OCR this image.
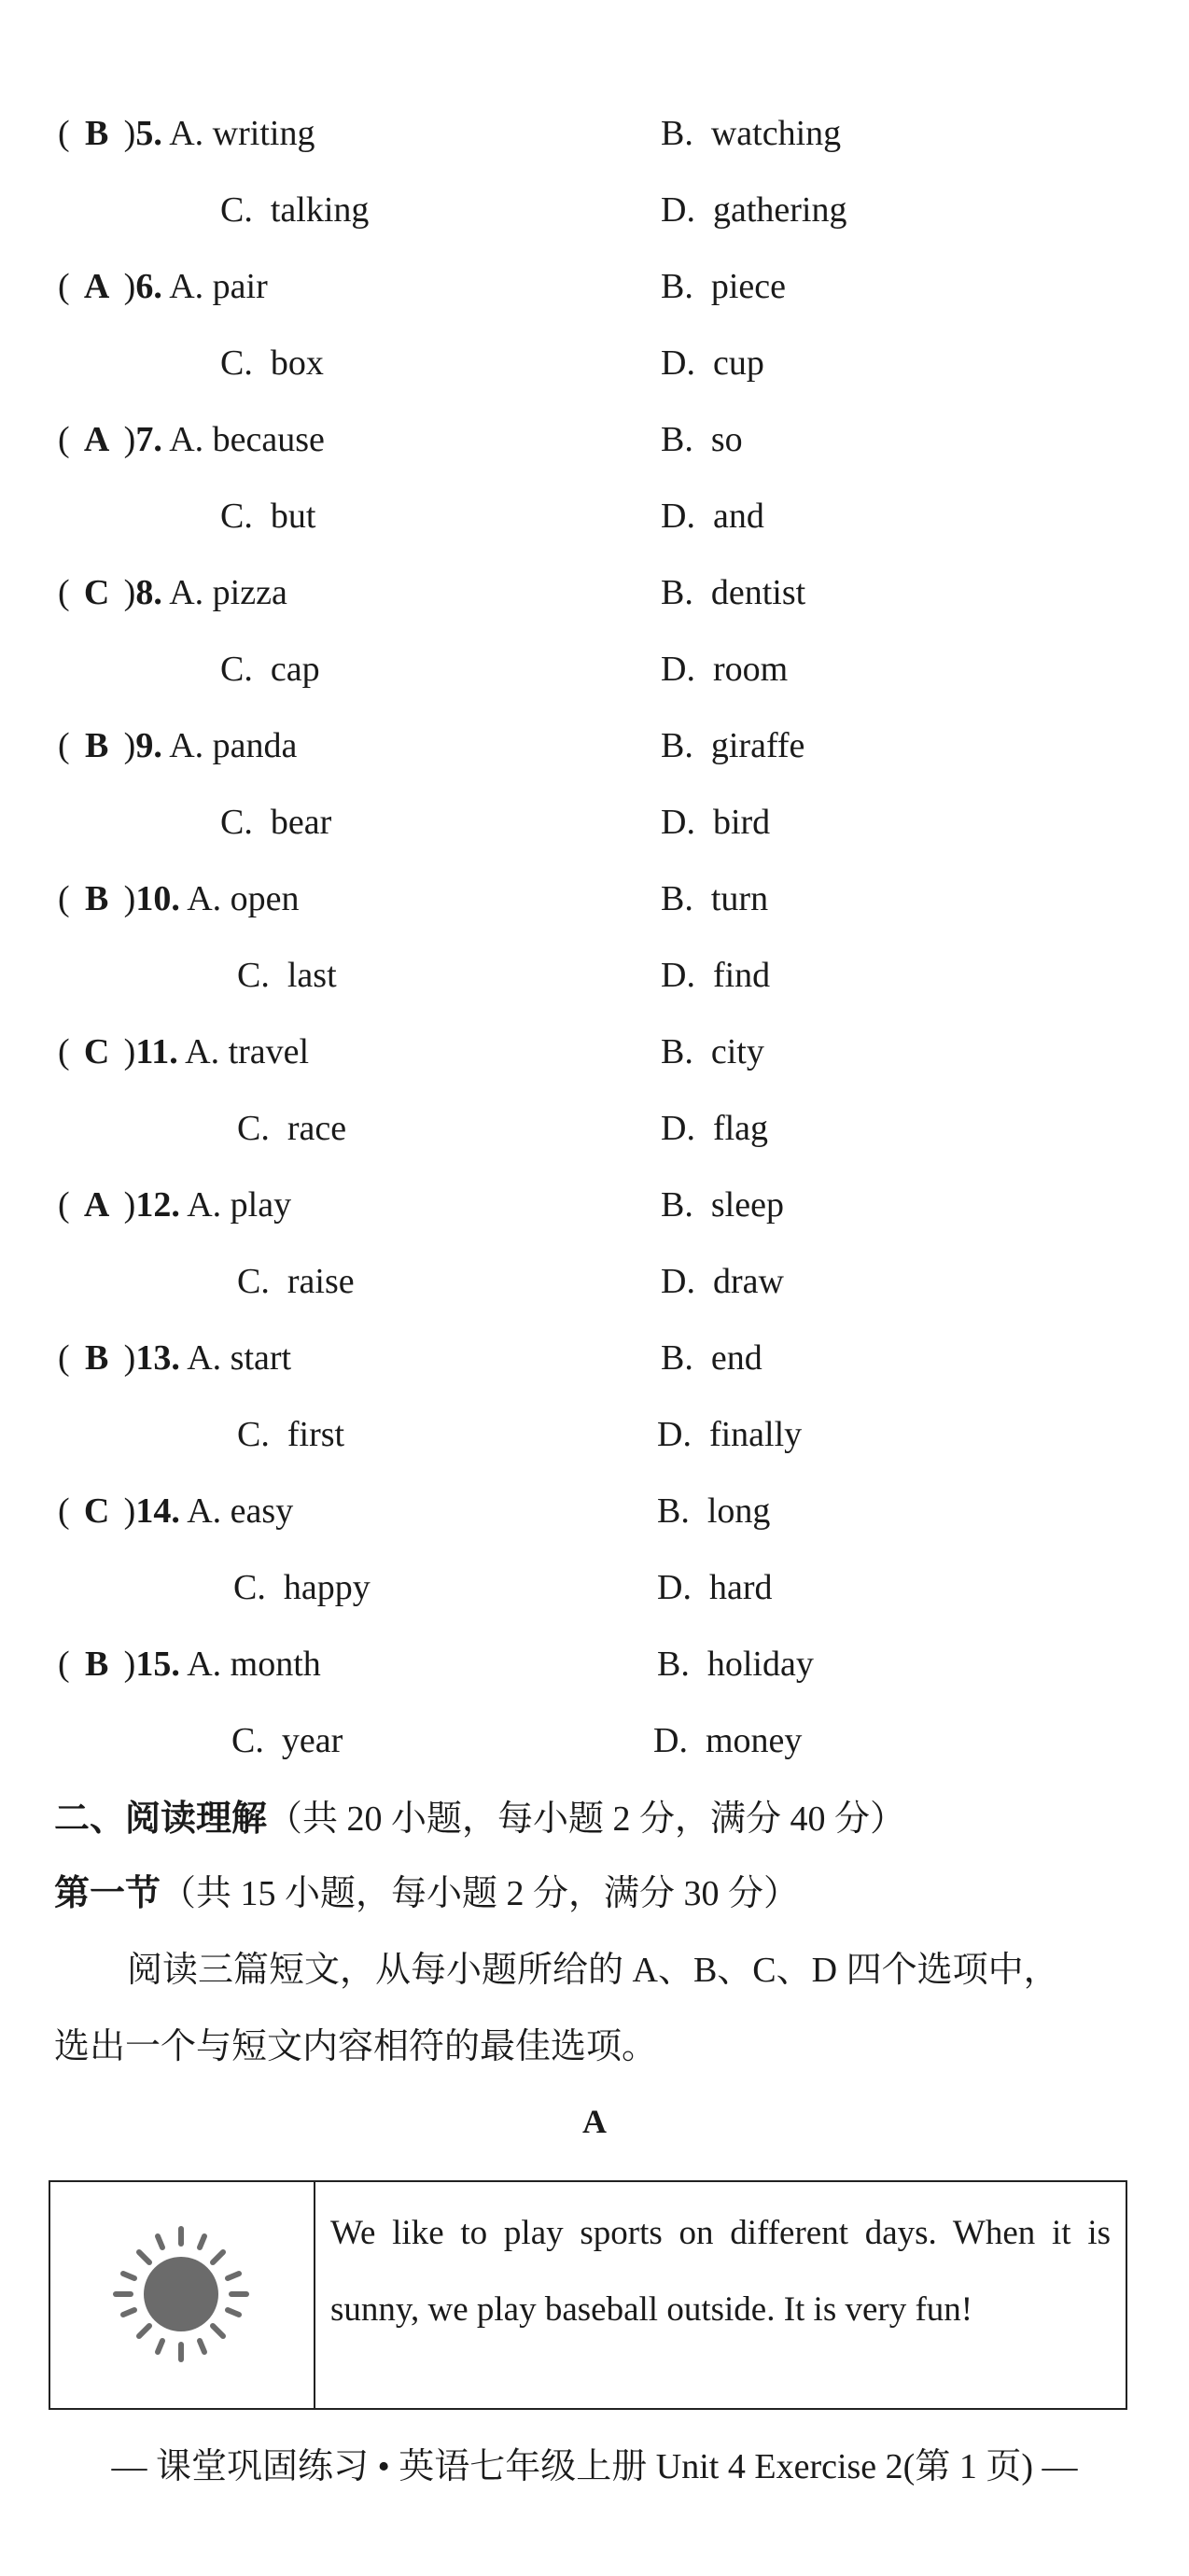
( B )5. A. writing	B.  watching
C.  talking	D.  gathering
( A )6. A. pair	B.  piece
C.  box	D.  cup
( A )7. A. because	B.  so
C.  but	D.  and
( C )8. A. pizza	B.  dentist
C.  cap	D.  room
( B )9. A. panda	B.  giraffe
C.  bear	D.  bird
( B )10. A. open	B.  turn
C.  last	D.  find
( C )11. A. travel	B.  city
C.  race	D.  flag
( A )12. A. play	B.  sleep
C.  raise	D.  draw
( B )13. A. start	B.  end
C.  first	D.  finally
( C )14. A. easy	B.  long
C.  happy	D.  hard
( B )15. A. month	B.  holiday
C.  year	D.  money
二、阅读理解（共 20 小题，每小题 2 分，满分 40 分）
第一节（共 15 小题，每小题 2 分，满分 30 分）
阅读三篇短文，从每小题所给的 A、B、C、D 四个选项中，
选出一个与短文内容相符的最佳选项。
A
We like to play sports on different days. When it is sunny, we play baseball outside. It is very fun!
— 课堂巩固练习 • 英语七年级上册 Unit 4 Exercise 2(第 1 页) —
